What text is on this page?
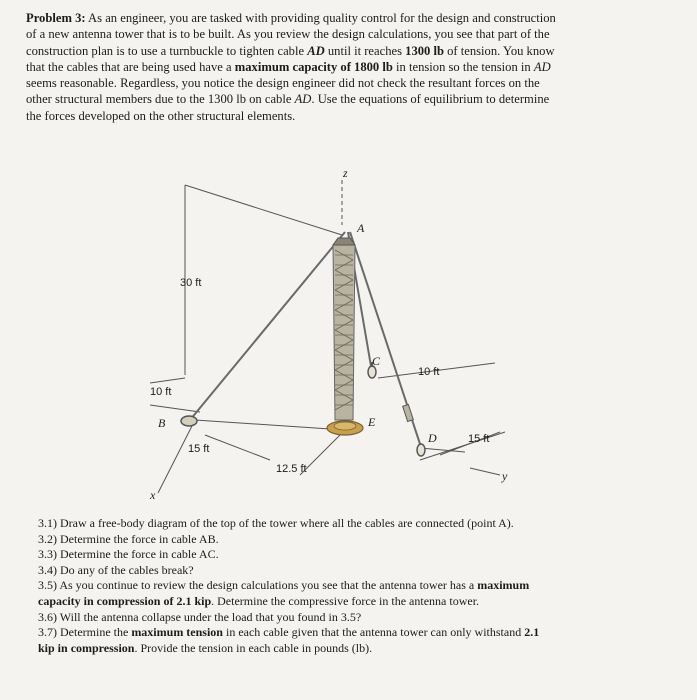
Problem 3: As an engineer, you are tasked with providing quality control for the design and construction
of a new antenna tower that is to be built. As you review the design calculations, you see that part of the
construction plan is to use a turnbuckle to tighten cable AD until it reaches 1300 lb of tension. You know
that the cables that are being used have a maximum capacity of 1800 lb in tension so the tension in AD
seems reasonable. Regardless, you notice the design engineer did not check the resultant forces on the
other structural members due to the 1300 lb on cable AD. Use the equations of equilibrium to determine
the forces developed on the other structural elements.
z
A
30 ft
10 ft
B
15 ft
12.5 ft
x
C
10 ft
E
D	15 ft
y

3.1) Draw a free-body diagram of the top of the tower where all the cables are connected (point A).

3.2) Determine the force in cable AB.

3.3) Determine the force in cable AC.

3.4) Do any of the cables break?

3.5) As you continue to review the design calculations you see that the antenna tower has a maximum

capacity in compression of 2.1 kip. Determine the compressive force in the antenna tower.

3.6) Will the antenna collapse under the load that you found in 3.5?

3.7) Determine the maximum tension in each cable given that the antenna tower can only withstand 2.1

kip in compression. Provide the tension in each cable in pounds (lb).
